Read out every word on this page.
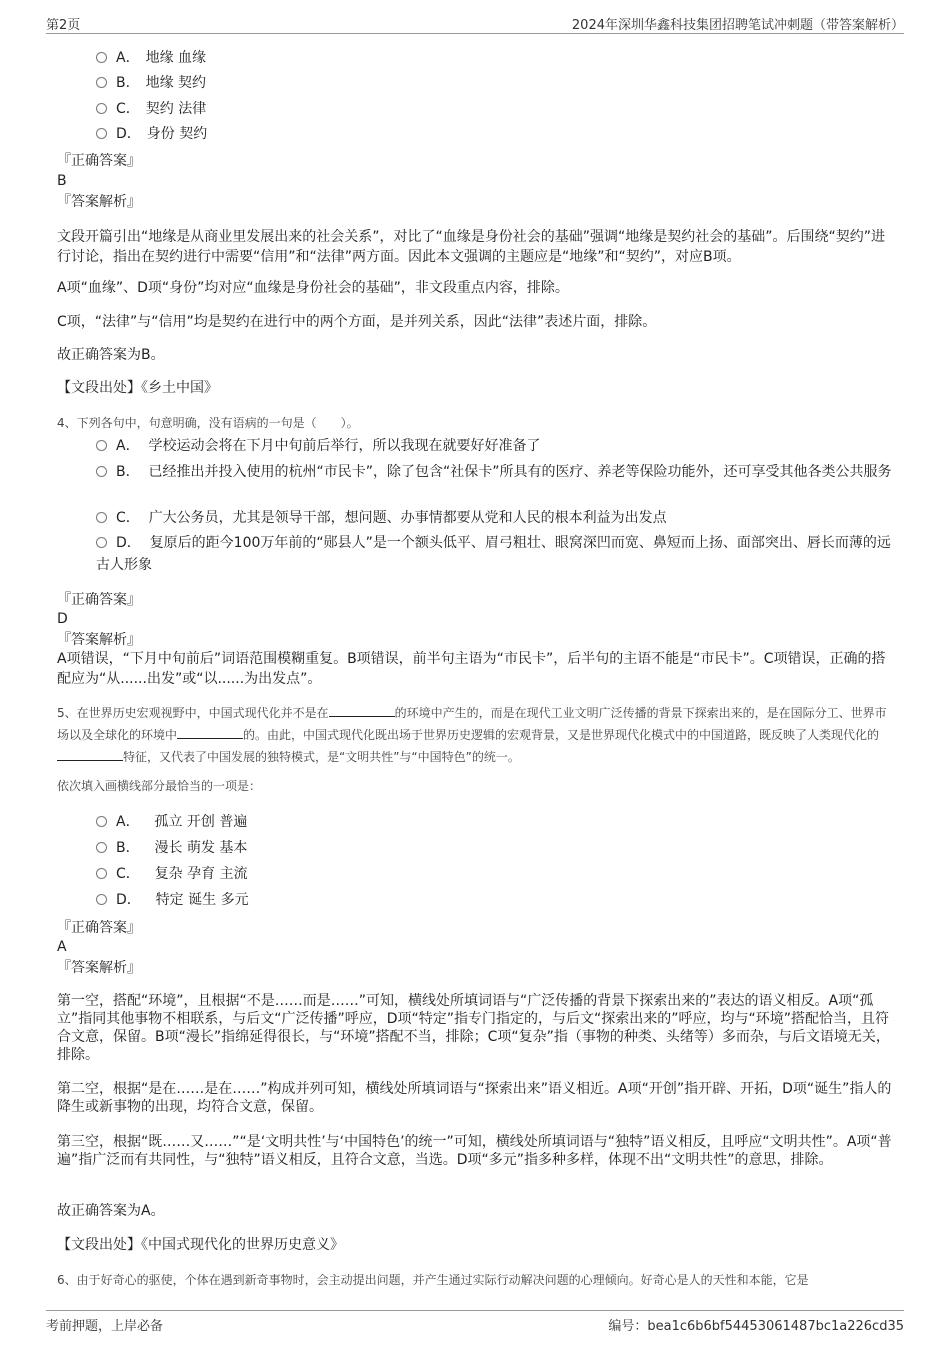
第2页	2024年深圳华鑫科技集团招聘笔试冲刺题（带答案解析）
A． 地缘 血缘
B． 地缘 契约
C． 契约 法律
D． 身份 契约
『正确答案』
B
『答案解析』
文段开篇引出“地缘是从商业里发展出来的社会关系”，对比了“血缘是身份社会的基础”强调“地缘是契约社会的基础”。后围绕“契约”进行讨论，指出在契约进行中需要“信用”和“法律”两方面。因此本文强调的主题应是“地缘”和“契约”，对应B项。
A项“血缘”、D项“身份”均对应“血缘是身份社会的基础”，非文段重点内容，排除。
C项，“法律”与“信用”均是契约在进行中的两个方面，是并列关系，因此“法律”表述片面，排除。
故正确答案为B。
【文段出处】《乡土中国》
4、下列各句中，句意明确，没有语病的一句是（　　）。
A． 学校运动会将在下月中旬前后举行，所以我现在就要好好准备了
B． 已经推出并投入使用的杭州“市民卡”，除了包含“社保卡”所具有的医疗、养老等保险功能外，还可享受其他各类公共服务
C． 广大公务员，尤其是领导干部，想问题、办事情都要从党和人民的根本利益为出发点
D． 复原后的距今100万年前的“郧县人”是一个额头低平、眉弓粗壮、眼窝深凹而宽、鼻短而上扬、面部突出、唇长而薄的远古人形象
『正确答案』
D
『答案解析』
A项错误，“下月中旬前后”词语范围模糊重复。B项错误，前半句主语为“市民卡”，后半句的主语不能是“市民卡”。C项错误，正确的搭配应为“从......出发”或“以......为出发点”。
5、在世界历史宏观视野中，中国式现代化并不是在	的环境中产生的，而是在现代工业文明广泛传播的背景下探索出来的，是在国际分工、世界市场以及全球化的环境中	的。由此，中国式现代化既出场于世界历史逻辑的宏观背景，又是世界现代化模式中的中国道路，既反映了人类现代化的特征，又代表了中国发展的独特模式，是“文明共性”与“中国特色”的统一。
依次填入画横线部分最恰当的一项是：
A． 孤立 开创 普遍
B． 漫长 萌发 基本
C． 复杂 孕育 主流
D． 特定 诞生 多元
『正确答案』
A
『答案解析』
第一空，搭配“环境”，且根据“不是……而是……”可知，横线处所填词语与“广泛传播的背景下探索出来的”表达的语义相反。A项“孤立”指同其他事物不相联系，与后文“广泛传播”呼应，D项“特定”指专门指定的，与后文“探索出来的”呼应，均与“环境”搭配恰当，且符合文意，保留。B项“漫长”指绵延得很长，与“环境”搭配不当，排除；C项“复杂”指（事物的种类、头绪等）多而杂，与后文语境无关，排除。
第二空，根据“是在……是在……”构成并列可知，横线处所填词语与“探索出来”语义相近。A项“开创”指开辟、开拓，D项“诞生”指人的降生或新事物的出现，均符合文意，保留。
第三空，根据“既……又……”“是‘文明共性’与‘中国特色’的统一”可知，横线处所填词语与“独特”语义相反，且呼应“文明共性”。A项“普遍”指广泛而有共同性，与“独特”语义相反，且符合文意，当选。D项“多元”指多种多样，体现不出“文明共性”的意思，排除。
故正确答案为A。
【文段出处】《中国式现代化的世界历史意义》
6、由于好奇心的驱使，个体在遇到新奇事物时，会主动提出问题，并产生通过实际行动解决问题的心理倾向。好奇心是人的天性和本能，它是
考前押题，上岸必备	编号：bea1c6b6bf54453061487bc1a226cd35
